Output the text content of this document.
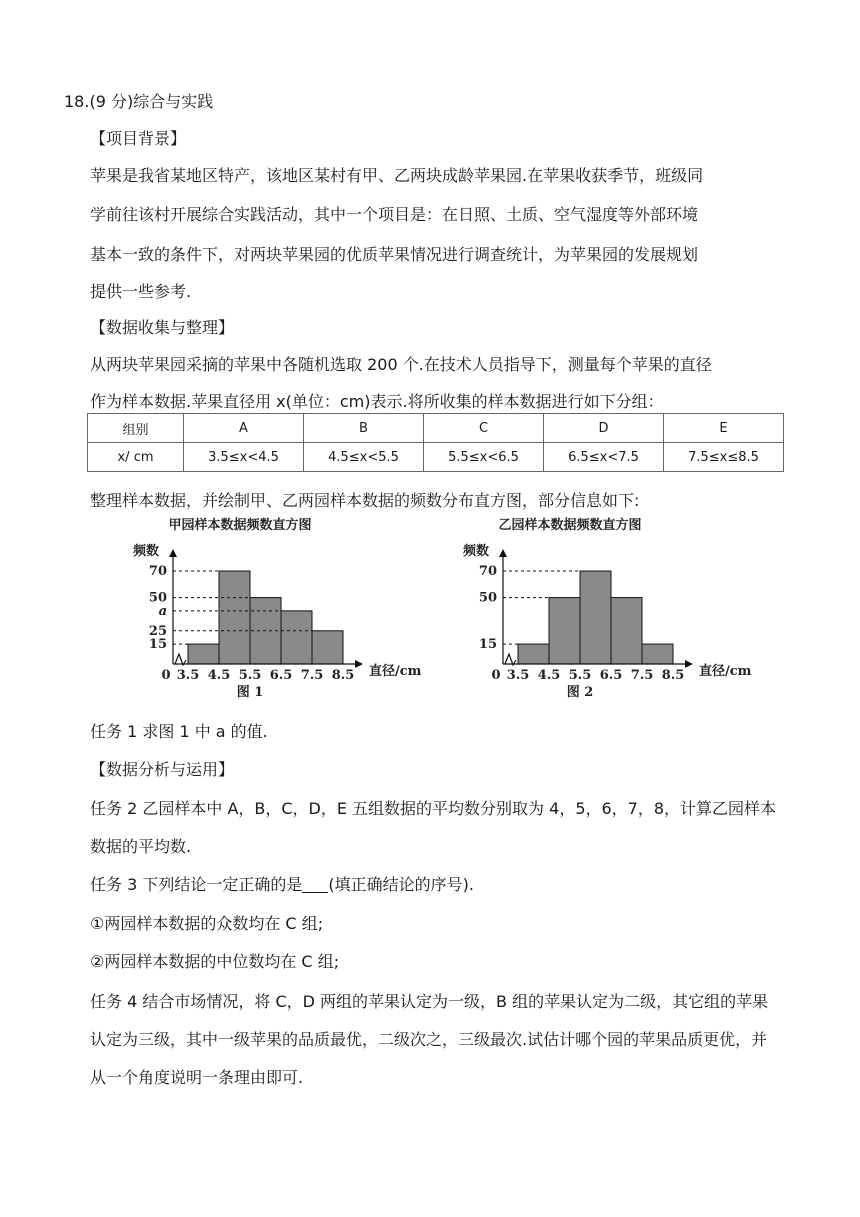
18.(9 分)综合与实践
【项目背景】
苹果是我省某地区特产，该地区某村有甲、乙两块成龄苹果园.在苹果收获季节，班级同
学前往该村开展综合实践活动，其中一个项目是：在日照、土质、空气湿度等外部环境
基本一致的条件下，对两块苹果园的优质苹果情况进行调查统计，为苹果园的发展规划
提供一些参考.
【数据收集与整理】
从两块苹果园采摘的苹果中各随机选取 200 个.在技术人员指导下，测量每个苹果的直径
作为样本数据.苹果直径用 x(单位：cm)表示.将所收集的样本数据进行如下分组：
组别	A	B	C	D	E
x/ cm	3.5≤x<4.5	4.5≤x<5.5	5.5≤x<6.5	6.5≤x<7.5	7.5≤x≤8.5
整理样本数据，并绘制甲、乙两园样本数据的频数分布直方图，部分信息如下:
甲园样本数据频数直方图
频数
15
25
a
50
70
0 3.5 4.5 5.5 6.5 7.5 8.5 直径/cm
图 1
乙园样本数据频数直方图
频数
15
50
70
0 3.5 4.5 5.5 6.5 7.5 8.5 直径/cm
图 2
任务 1 求图 1 中 a 的值.
【数据分析与运用】
任务 2 乙园样本中 A，B，C，D，E 五组数据的平均数分别取为 4，5，6，7，8，计算乙园样本
数据的平均数.
任务 3 下列结论一定正确的是 (填正确结论的序号).
①两园样本数据的众数均在 C 组;
②两园样本数据的中位数均在 C 组;
任务 4 结合市场情况，将 C，D 两组的苹果认定为一级，B 组的苹果认定为二级，其它组的苹果
认定为三级，其中一级苹果的品质最优，二级次之，三级最次.试估计哪个园的苹果品质更优，并
从一个角度说明一条理由即可.
